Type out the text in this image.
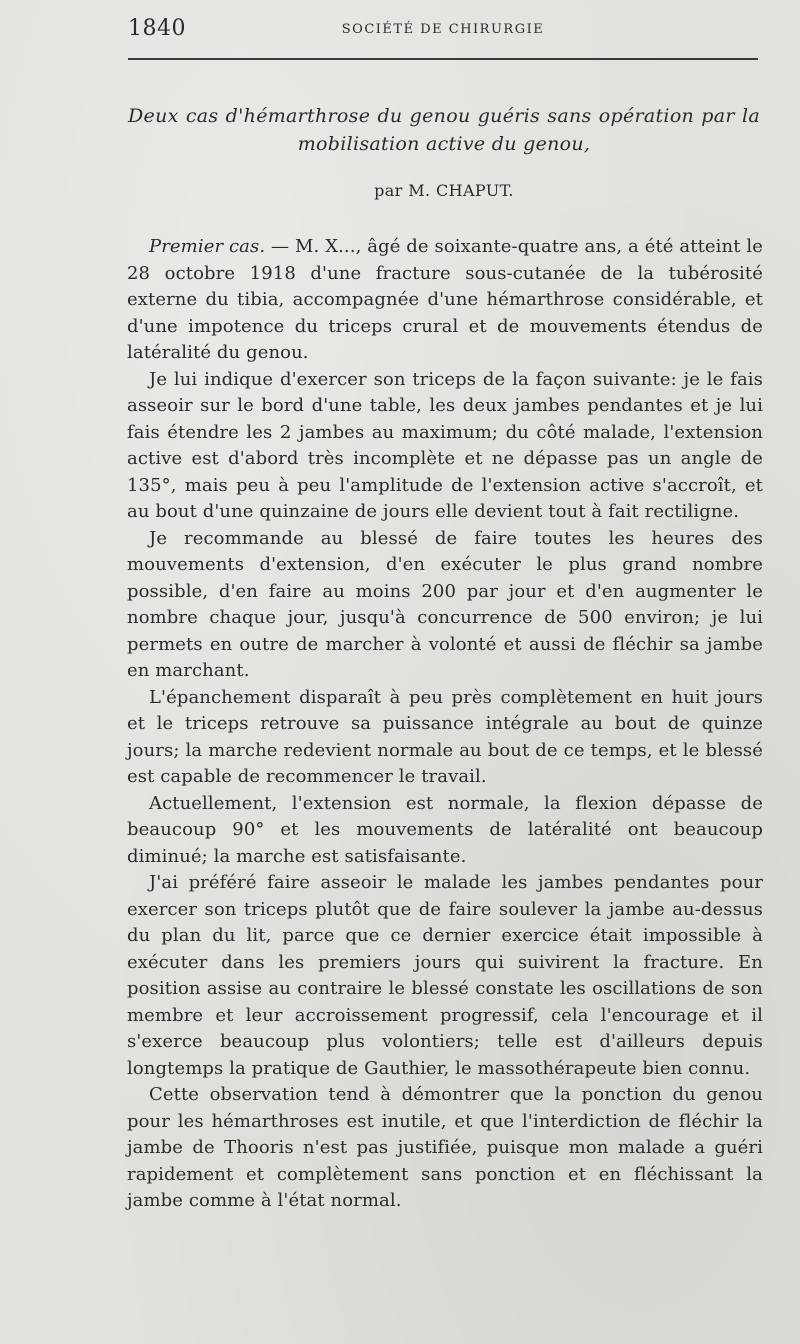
1840	SOCIÉTÉ DE CHIRURGIE
Deux cas d'hémarthrose du genou guéris sans opération par la
mobilisation active du genou,
par M. CHAPUT.

Premier cas. — M. X..., âgé de soixante-quatre ans, a été atteint le 28 octobre 1918 d'une fracture sous-cutanée de la tubérosité externe du tibia, accompagnée d'une hémarthrose considérable, et d'une impotence du triceps crural et de mouvements étendus de latéralité du genou.

Je lui indique d'exercer son triceps de la façon suivante: je le fais asseoir sur le bord d'une table, les deux jambes pendantes et je lui fais étendre les 2 jambes au maximum; du côté malade, l'extension active est d'abord très incomplète et ne dépasse pas un angle de 135°, mais peu à peu l'amplitude de l'extension active s'accroît, et au bout d'une quinzaine de jours elle devient tout à fait rectiligne.

Je recommande au blessé de faire toutes les heures des mouvements d'extension, d'en exécuter le plus grand nombre possible, d'en faire au moins 200 par jour et d'en augmenter le nombre chaque jour, jusqu'à concurrence de 500 environ; je lui permets en outre de marcher à volonté et aussi de fléchir sa jambe en marchant.

L'épanchement disparaît à peu près complètement en huit jours et le triceps retrouve sa puissance intégrale au bout de quinze jours; la marche redevient normale au bout de ce temps, et le blessé est capable de recommencer le travail.

Actuellement, l'extension est normale, la flexion dépasse de beaucoup 90° et les mouvements de latéralité ont beaucoup diminué; la marche est satisfaisante.

J'ai préféré faire asseoir le malade les jambes pendantes pour exercer son triceps plutôt que de faire soulever la jambe au-dessus du plan du lit, parce que ce dernier exercice était impossible à exécuter dans les premiers jours qui suivirent la fracture. En position assise au contraire le blessé constate les oscillations de son membre et leur accroissement progressif, cela l'encourage et il s'exerce beaucoup plus volontiers; telle est d'ailleurs depuis longtemps la pratique de Gauthier, le massothérapeute bien connu.

Cette observation tend à démontrer que la ponction du genou pour les hémarthroses est inutile, et que l'interdiction de fléchir la jambe de Thooris n'est pas justifiée, puisque mon malade a guéri rapidement et complètement sans ponction et en fléchissant la jambe comme à l'état normal.
